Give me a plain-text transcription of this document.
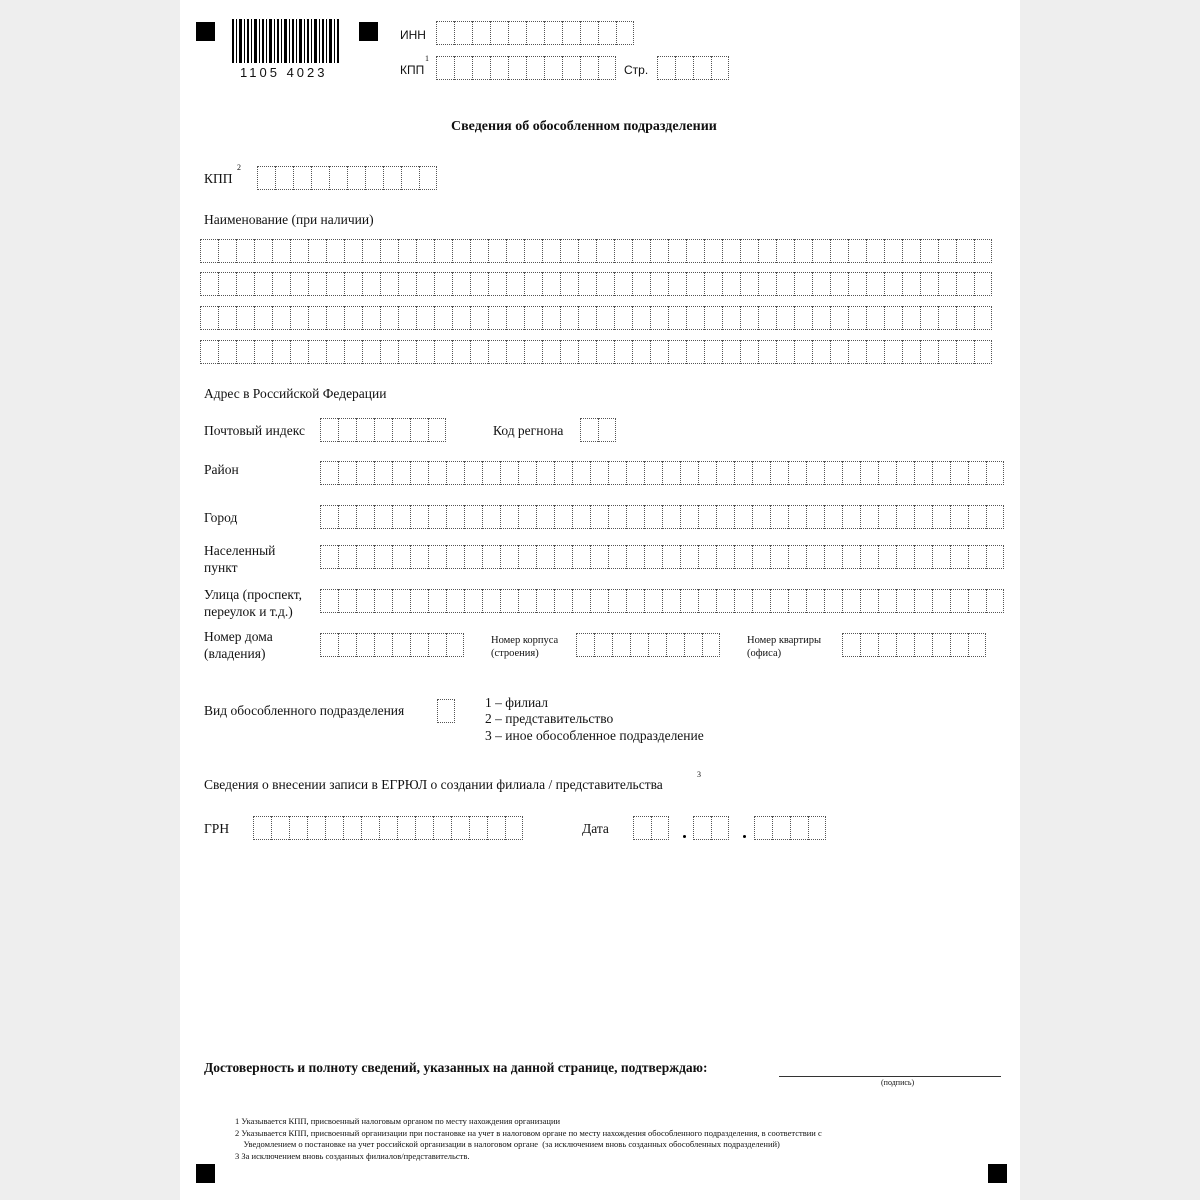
1105 4023
ИНН
КПП
1
Стр.
Сведения об обособленном подразделении
КПП
2
Наименование (при наличии)
Адрес в Российской Федерации
Почтовый индекс	Код регнона
Район
Город
Населенный пункт
Улица (проспект, переулок и т.д.)
Номер дома (владения)
Номер корпуса (строения)
Номер квартиры (офиса)
Вид обособленного подразделения
1 – филиал
2 – представительство
3 – иное обособленное подразделение
Сведения о внесении записи в ЕГРЮЛ о создании филиала / представительства
3
ГРН	Дата
Достоверность и полноту сведений, указанных на данной странице, подтверждаю:
(подпись)
1 Указывается КПП, присвоенный налоговым органом по месту нахождения организации
2 Указывается КПП, присвоенный организации при постановке на учет в налоговом органе по месту нахождения обособленного подразделения, в соответствии с
Уведомлением о постановке на учет российской организации в налоговом органе  (за исключением вновь созданных обособленных подразделений)
3 За исключением вновь созданных филиалов/представительств.
